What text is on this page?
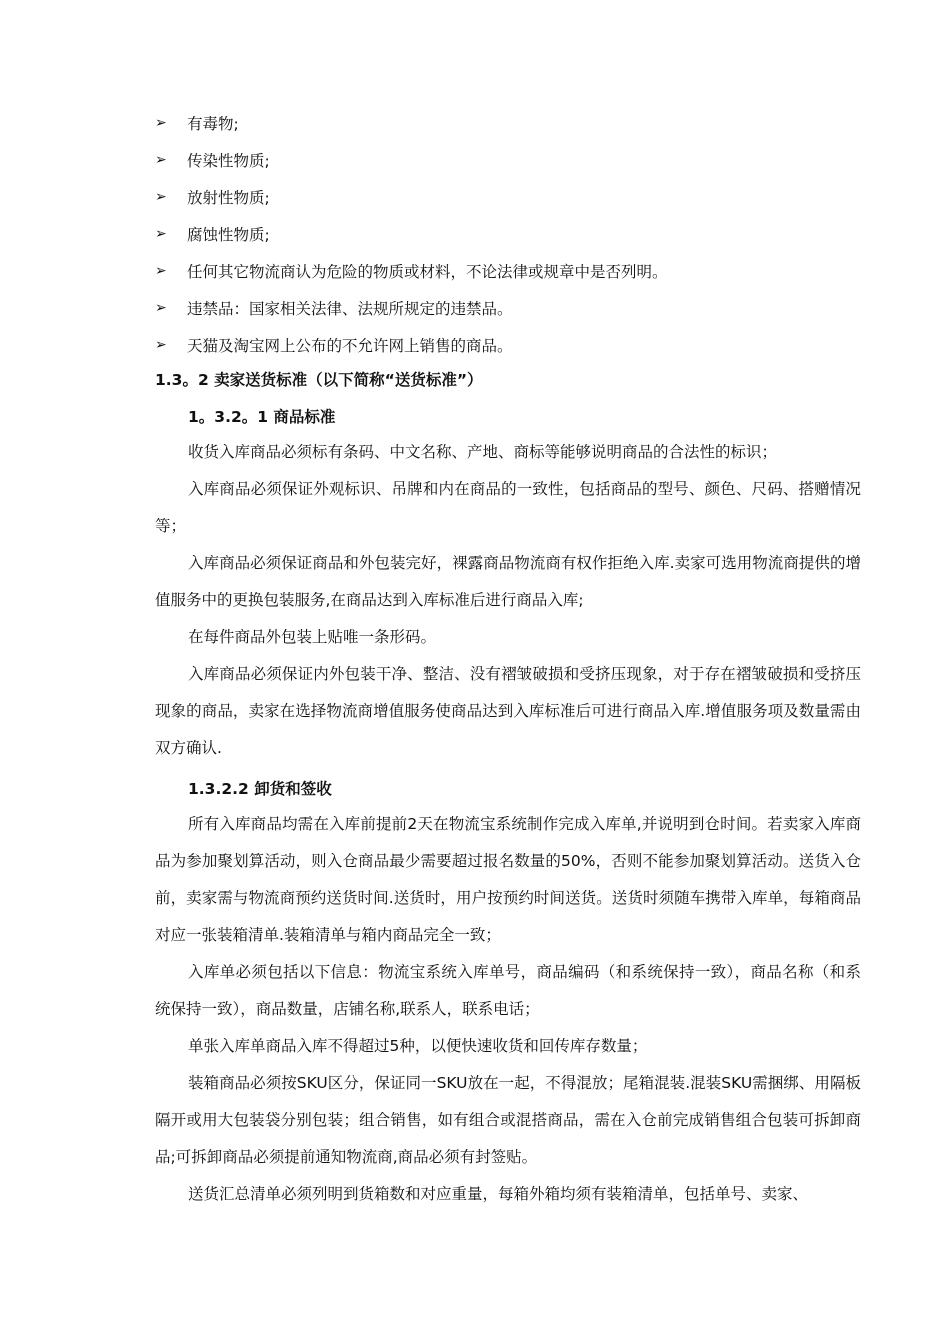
➢	有毒物;
➢	传染性物质;
➢	放射性物质;
➢	腐蚀性物质;
➢	任何其它物流商认为危险的物质或材料，不论法律或规章中是否列明。
➢	违禁品：国家相关法律、法规所规定的违禁品。
➢	天猫及淘宝网上公布的不允许网上销售的商品。
1.3。2 卖家送货标准（以下简称“送货标准”）
1。3.2。1 商品标准

收货入库商品必须标有条码、中文名称、产地、商标等能够说明商品的合法性的标识；

入库商品必须保证外观标识、吊牌和内在商品的一致性，包括商品的型号、颜色、尺码、搭赠情况等；

入库商品必须保证商品和外包装完好，裸露商品物流商有权作拒绝入库.卖家可选用物流商提供的增值服务中的更换包装服务,在商品达到入库标准后进行商品入库;

在每件商品外包装上贴唯一条形码。

入库商品必须保证内外包装干净、整洁、没有褶皱破损和受挤压现象，对于存在褶皱破损和受挤压现象的商品，卖家在选择物流商增值服务使商品达到入库标准后可进行商品入库.增值服务项及数量需由双方确认.

1.3.2.2 卸货和签收

所有入库商品均需在入库前提前2天在物流宝系统制作完成入库单,并说明到仓时间。若卖家入库商品为参加聚划算活动，则入仓商品最少需要超过报名数量的50%，否则不能参加聚划算活动。送货入仓前，卖家需与物流商预约送货时间.送货时，用户按预约时间送货。送货时须随车携带入库单，每箱商品对应一张装箱清单.装箱清单与箱内商品完全一致；

入库单必须包括以下信息：物流宝系统入库单号，商品编码（和系统保持一致），商品名称（和系统保持一致），商品数量，店铺名称,联系人，联系电话；

单张入库单商品入库不得超过5种，以便快速收货和回传库存数量；

装箱商品必须按SKU区分，保证同一SKU放在一起，不得混放；尾箱混装.混装SKU需捆绑、用隔板隔开或用大包装袋分别包装；组合销售，如有组合或混搭商品，需在入仓前完成销售组合包装可拆卸商品;可拆卸商品必须提前通知物流商,商品必须有封签贴。

送货汇总清单必须列明到货箱数和对应重量，每箱外箱均须有装箱清单，包括单号、卖家、
